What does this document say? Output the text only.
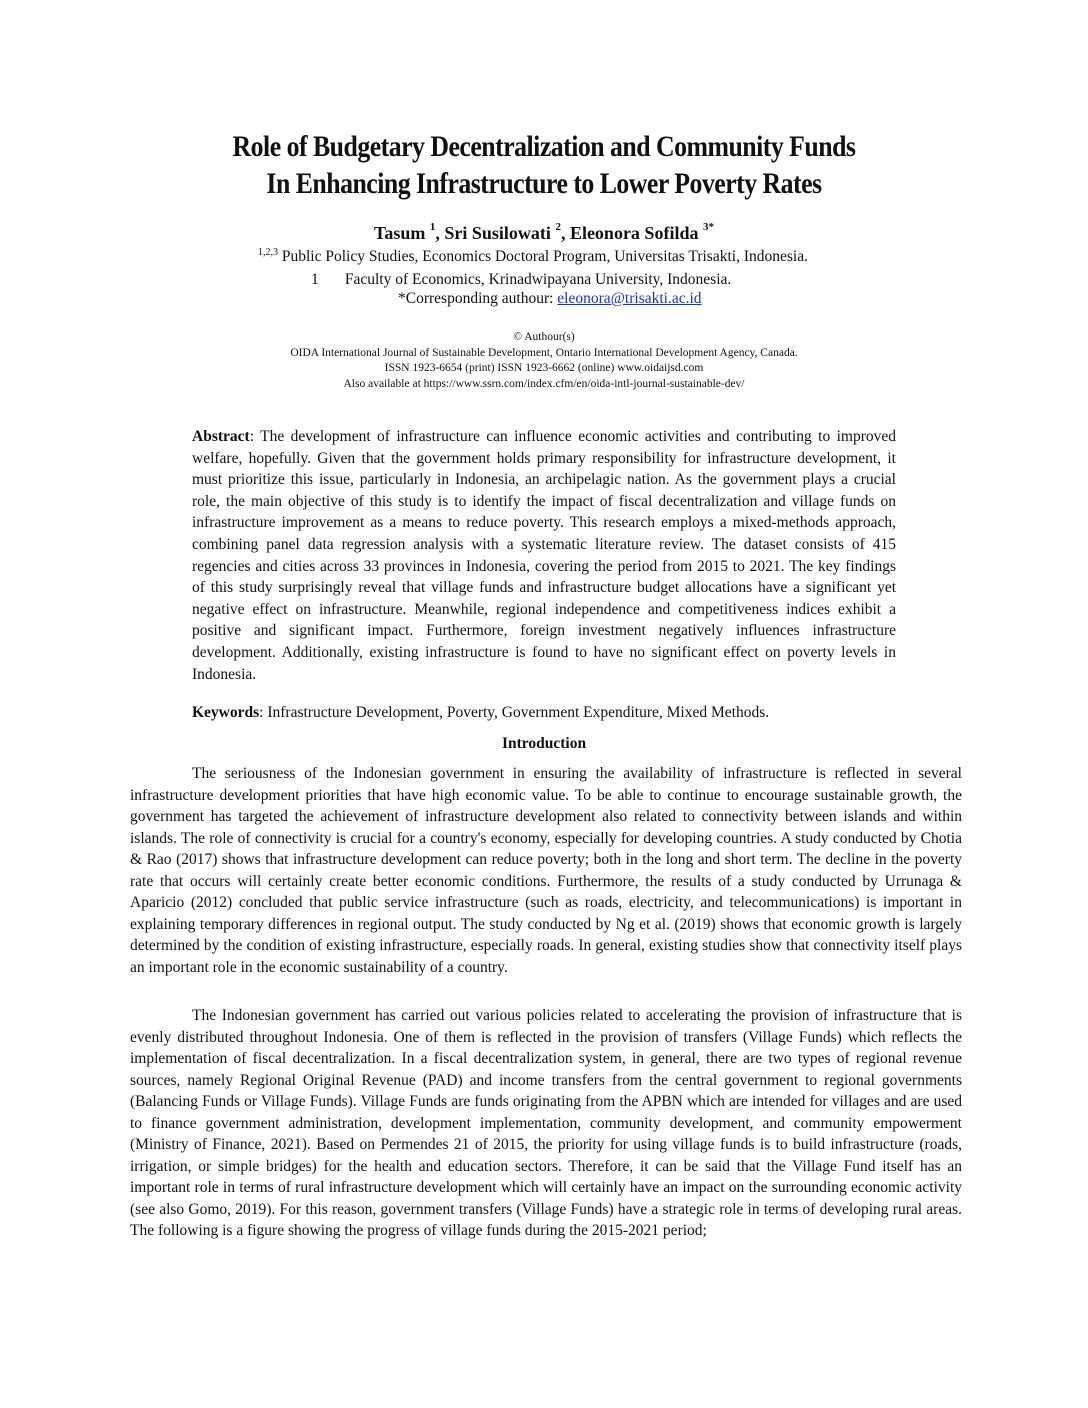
Role of Budgetary Decentralization and Community Funds
In Enhancing Infrastructure to Lower Poverty Rates
Tasum $^1$, Sri Susilowati $^2$, Eleonora Sofilda $^{3*}$
$^{1,2,3}$ Public Policy Studies, Economics Doctoral Program, Universitas Trisakti, Indonesia.
1 Faculty of Economics, Krinadwipayana University, Indonesia.
*Corresponding authour: eleonora@trisakti.ac.id
© Authour(s)
OIDA International Journal of Sustainable Development, Ontario International Development Agency, Canada.
ISSN 1923-6654 (print) ISSN 1923-6662 (online) www.oidaijsd.com
Also available at https://www.ssrn.com/index.cfm/en/oida-intl-journal-sustainable-dev/
Abstract: The development of infrastructure can influence economic activities and contributing to improved welfare, hopefully. Given that the government holds primary responsibility for infrastructure development, it must prioritize this issue, particularly in Indonesia, an archipelagic nation. As the government plays a crucial role, the main objective of this study is to identify the impact of fiscal decentralization and village funds on infrastructure improvement as a means to reduce poverty. This research employs a mixed-methods approach, combining panel data regression analysis with a systematic literature review. The dataset consists of 415 regencies and cities across 33 provinces in Indonesia, covering the period from 2015 to 2021. The key findings of this study surprisingly reveal that village funds and infrastructure budget allocations have a significant yet negative effect on infrastructure. Meanwhile, regional independence and competitiveness indices exhibit a positive and significant impact. Furthermore, foreign investment negatively influences infrastructure development. Additionally, existing infrastructure is found to have no significant effect on poverty levels in Indonesia.
Keywords: Infrastructure Development, Poverty, Government Expenditure, Mixed Methods.
Introduction
The seriousness of the Indonesian government in ensuring the availability of infrastructure is reflected in several infrastructure development priorities that have high economic value. To be able to continue to encourage sustainable growth, the government has targeted the achievement of infrastructure development also related to connectivity between islands and within islands. The role of connectivity is crucial for a country's economy, especially for developing countries. A study conducted by Chotia & Rao (2017) shows that infrastructure development can reduce poverty; both in the long and short term. The decline in the poverty rate that occurs will certainly create better economic conditions. Furthermore, the results of a study conducted by Urrunaga & Aparicio (2012) concluded that public service infrastructure (such as roads, electricity, and telecommunications) is important in explaining temporary differences in regional output. The study conducted by Ng et al. (2019) shows that economic growth is largely determined by the condition of existing infrastructure, especially roads. In general, existing studies show that connectivity itself plays an important role in the economic sustainability of a country.
The Indonesian government has carried out various policies related to accelerating the provision of infrastructure that is evenly distributed throughout Indonesia. One of them is reflected in the provision of transfers (Village Funds) which reflects the implementation of fiscal decentralization. In a fiscal decentralization system, in general, there are two types of regional revenue sources, namely Regional Original Revenue (PAD) and income transfers from the central government to regional governments (Balancing Funds or Village Funds). Village Funds are funds originating from the APBN which are intended for villages and are used to finance government administration, development implementation, community development, and community empowerment (Ministry of Finance, 2021). Based on Permendes 21 of 2015, the priority for using village funds is to build infrastructure (roads, irrigation, or simple bridges) for the health and education sectors. Therefore, it can be said that the Village Fund itself has an important role in terms of rural infrastructure development which will certainly have an impact on the surrounding economic activity (see also Gomo, 2019). For this reason, government transfers (Village Funds) have a strategic role in terms of developing rural areas. The following is a figure showing the progress of village funds during the 2015-2021 period;
